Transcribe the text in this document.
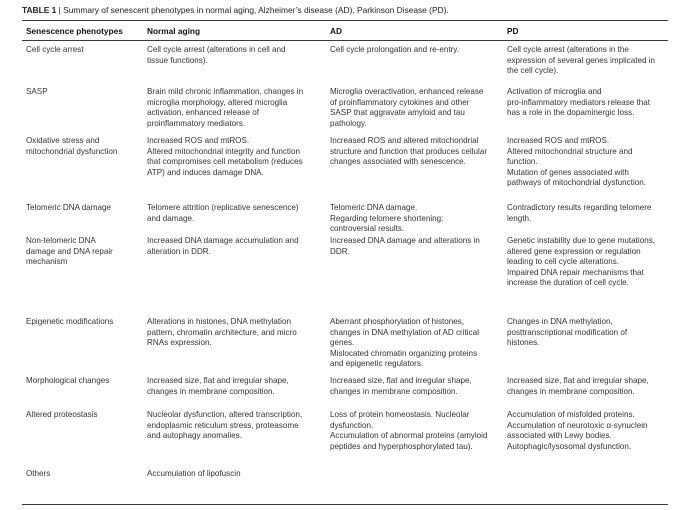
TABLE 1 | Summary of senescent phenotypes in normal aging, Alzheimer’s disease (AD), Parkinson Disease (PD).
Senescence phenotypes	Normal aging	AD	PD

Cell cycle arrest	Cell cycle arrest (alterations in cell and
tissue functions).	Cell cycle prolongation and re-entry.	Cell cycle arrest (alterations in the
expression of several genes implicated in
the cell cycle).

SASP	Brain mild chronic inflammation, changes in
microglia morphology, altered microglia
activation, enhanced release of
proinflammatory mediators.	Microglia overactivation, enhanced release
of proinflammatory cytokines and other
SASP that aggravate amyloid and tau
pathology.	Activation of microglia and
pro-inflammatory mediators release that
has a role in the dopaminergic loss.

Oxidative stress and
mitochondrial dysfunction	Increased ROS and mtROS.
Altered mitochondrial integrity and function
that compromises cell metabolism (reduces
ATP) and induces damage DNA.	Increased ROS and altered mitochondrial
structure and function that produces cellular
changes associated with senescence.	Increased ROS and mtROS.
Altered mitochondrial structure and
function.
Mutation of genes associated with
pathways of mitochondrial dysfunction.

Telomeric DNA damage	Telomere attrition (replicative senescence)
and damage.	Telomeric DNA damage.
Regarding telomere shortening:
controversial results.	Contradictory results regarding telomere
length.

Non-telomeric DNA
damage and DNA repair
mechanism	Increased DNA damage accumulation and
alteration in DDR.	Increased DNA damage and alterations in
DDR.	Genetic instability due to gene mutations,
altered gene expression or regulation
leading to cell cycle alterations.
Impaired DNA repair mechanisms that
increase the duration of cell cycle.

Epigenetic modifications	Alterations in histones, DNA methylation
pattern, chromatin architecture, and micro
RNAs expression.	Aberrant phosphorylation of histones,
changes in DNA methylation of AD critical
genes.
Mislocated chromatin organizing proteins
and epigenetic regulators.	Changes in DNA methylation,
posttranscriptional modification of
histones.

Morphological changes	Increased size, flat and irregular shape,
changes in membrane composition.	Increased size, flat and irregular shape,
changes in membrane composition.	Increased size, flat and irregular shape,
changes in membrane composition.

Altered proteostasis	Nucleolar dysfunction, altered transcription,
endoplasmic reticulum stress, proteasome
and autophagy anomalies.	Loss of protein homeostasis. Nucleolar
dysfunction.
Accumulation of abnormal proteins (amyloid
peptides and hyperphosphorylated tau).	Accumulation of misfolded proteins.
Accumulation of neurotoxic α-synuclein
associated with Lewy bodies.
Autophagic/lysosomal dysfunction.

Others	Accumulation of lipofuscin		
